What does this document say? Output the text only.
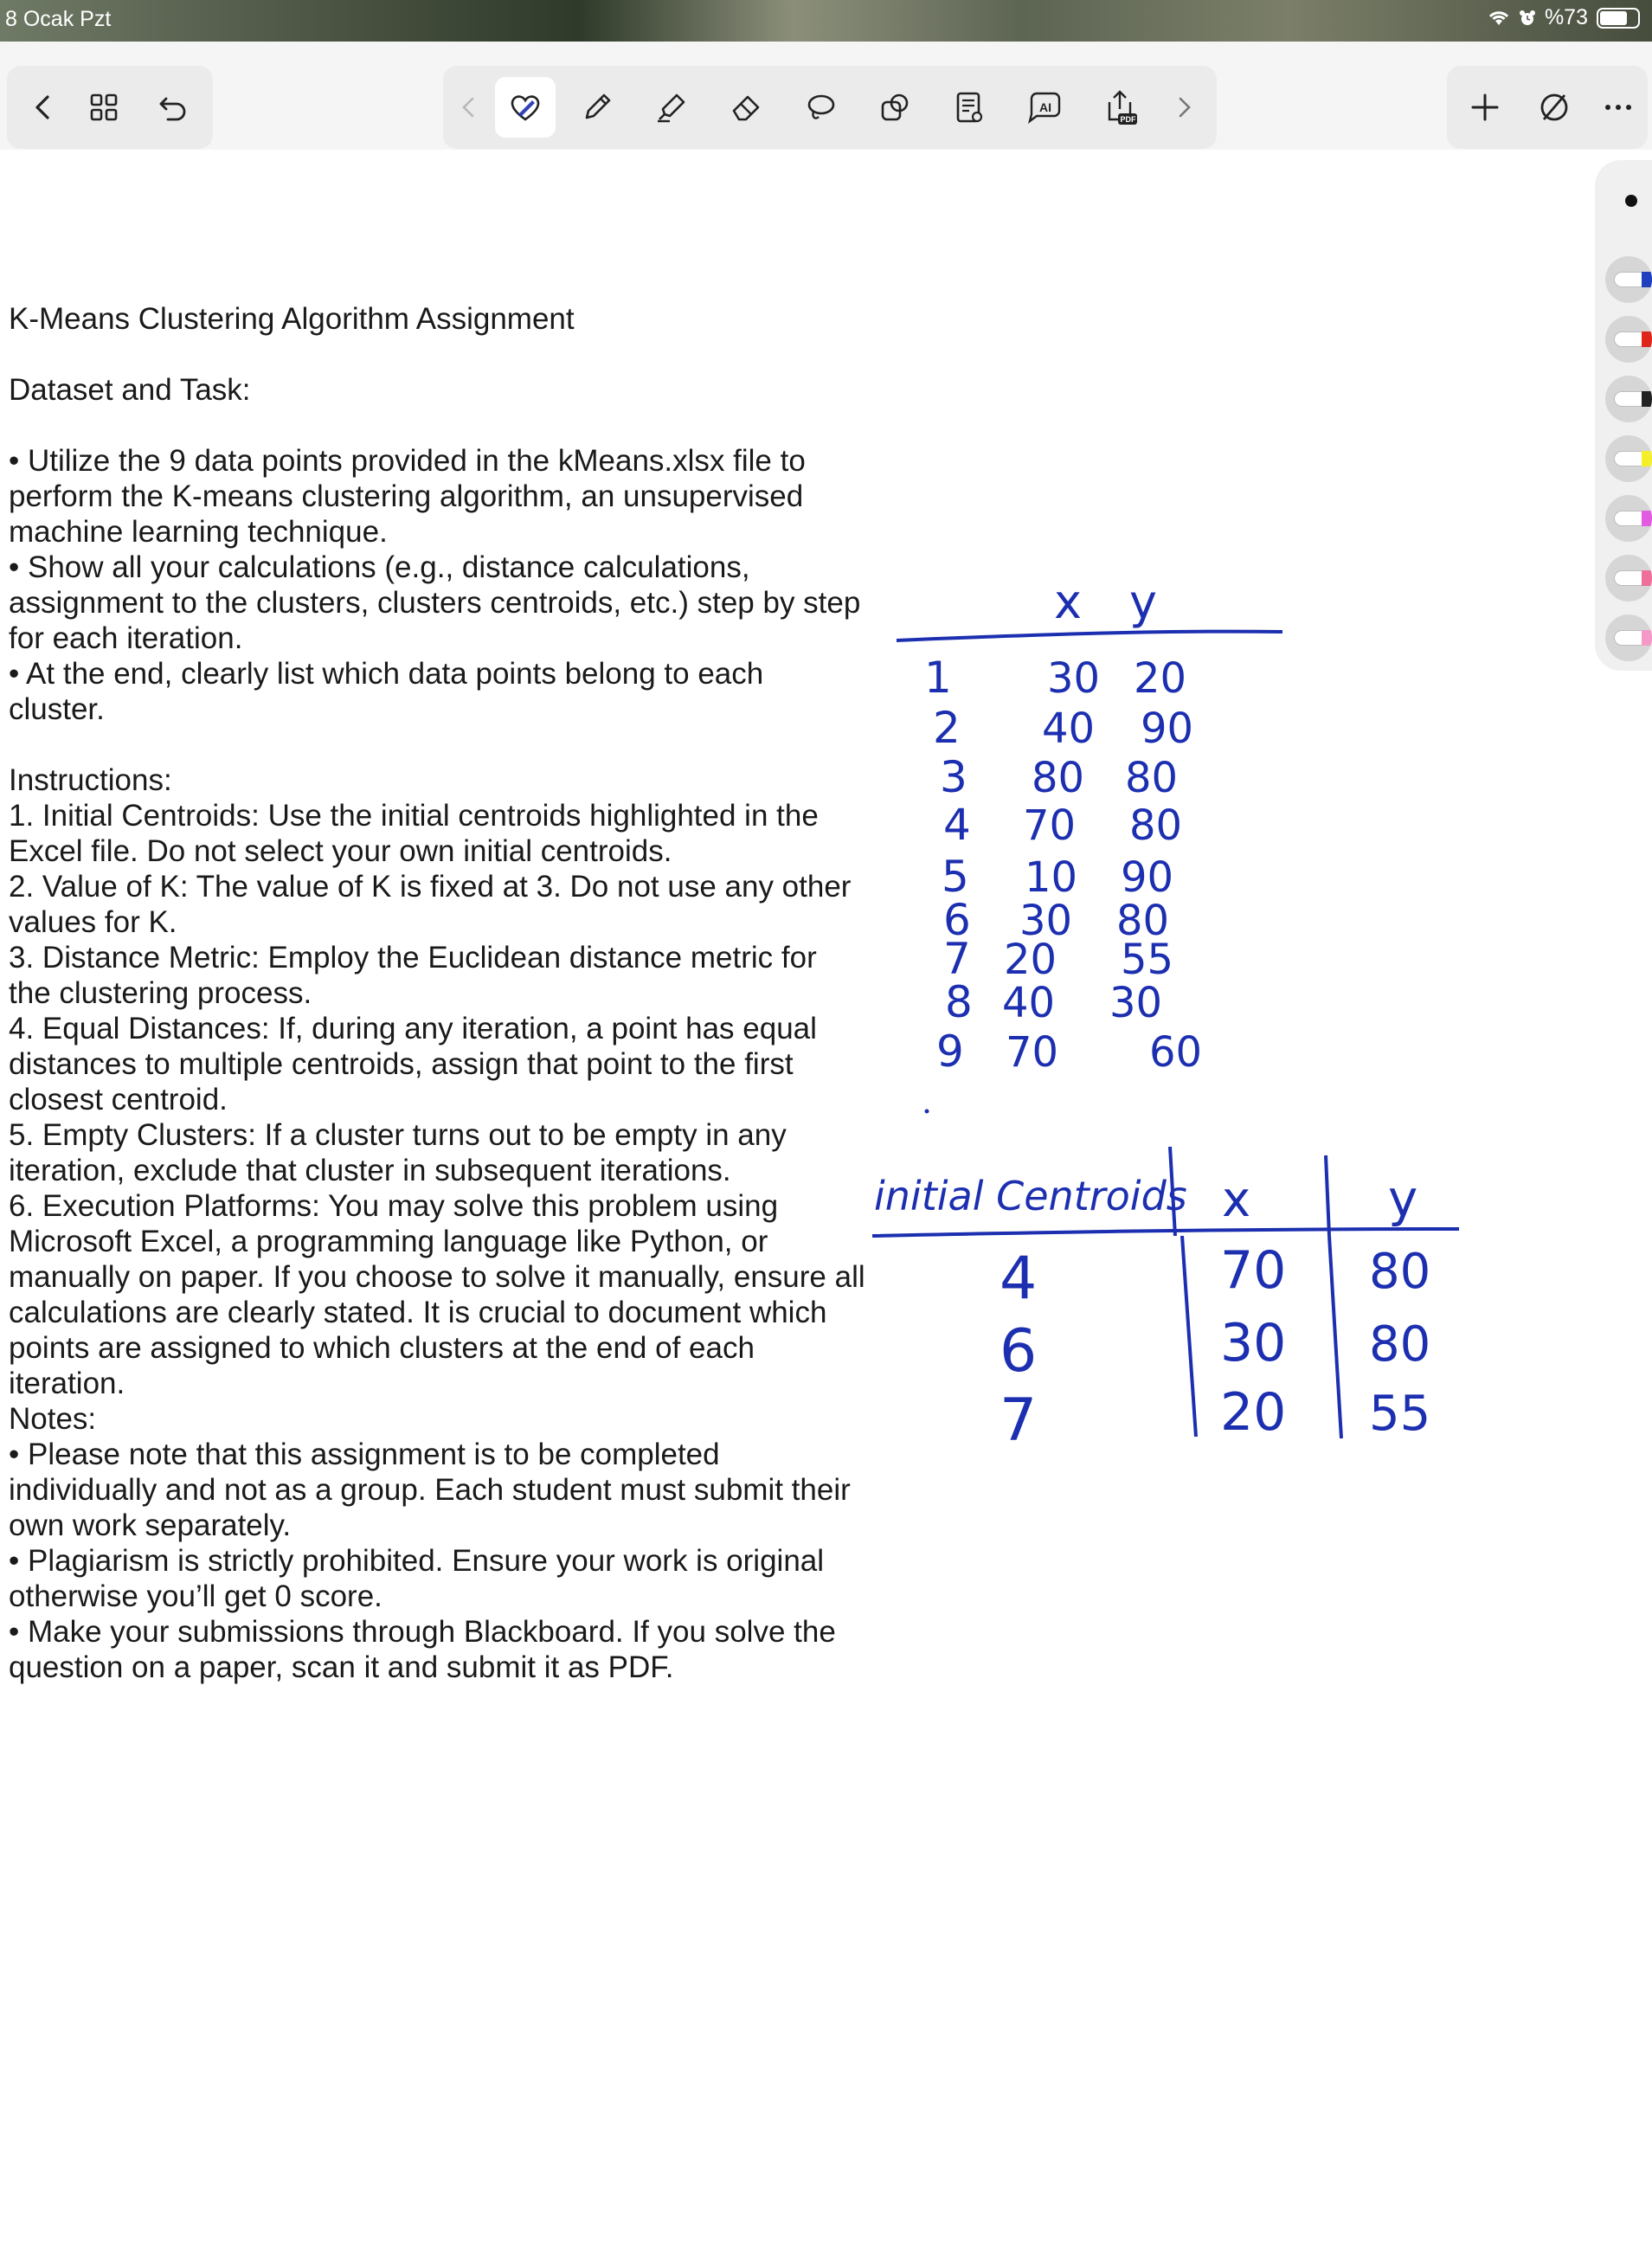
8 Ocak Pzt	%73
AI
PDF

K-Means Clustering Algorithm Assignment

Dataset and Task:

• Utilize the 9 data points provided in the kMeans.xlsx file to

perform the K-means clustering algorithm, an unsupervised

machine learning technique.

• Show all your calculations (e.g., distance calculations,

assignment to the clusters, clusters centroids, etc.) step by step

for each iteration.

• At the end, clearly list which data points belong to each

cluster.

Instructions:

1. Initial Centroids: Use the initial centroids highlighted in the

Excel file. Do not select your own initial centroids.

2. Value of K: The value of K is fixed at 3. Do not use any other

values for K.

3. Distance Metric: Employ the Euclidean distance metric for

the clustering process.

4. Equal Distances: If, during any iteration, a point has equal

distances to multiple centroids, assign that point to the first

closest centroid.

5. Empty Clusters: If a cluster turns out to be empty in any

iteration, exclude that cluster in subsequent iterations.

6. Execution Platforms: You may solve this problem using

Microsoft Excel, a programming language like Python, or

manually on paper. If you choose to solve it manually, ensure all

calculations are clearly stated. It is crucial to document which

points are assigned to which clusters at the end of each

iteration.

Notes:

• Please note that this assignment is to be completed

individually and not as a group. Each student must submit their

own work separately.

• Plagiarism is strictly prohibited. Ensure your work is original

otherwise you’ll get 0 score.

• Make your submissions through Blackboard. If you solve the

question on a paper, scan it and submit it as PDF.

x y
1 30 20
2 40 90
3 80 80
4 70 80
5 10 90
6 30 80
7 20 55
8 40 30
9 70 60
initial Centroids x	y
4	70 80
6	30 80
7	20 55
